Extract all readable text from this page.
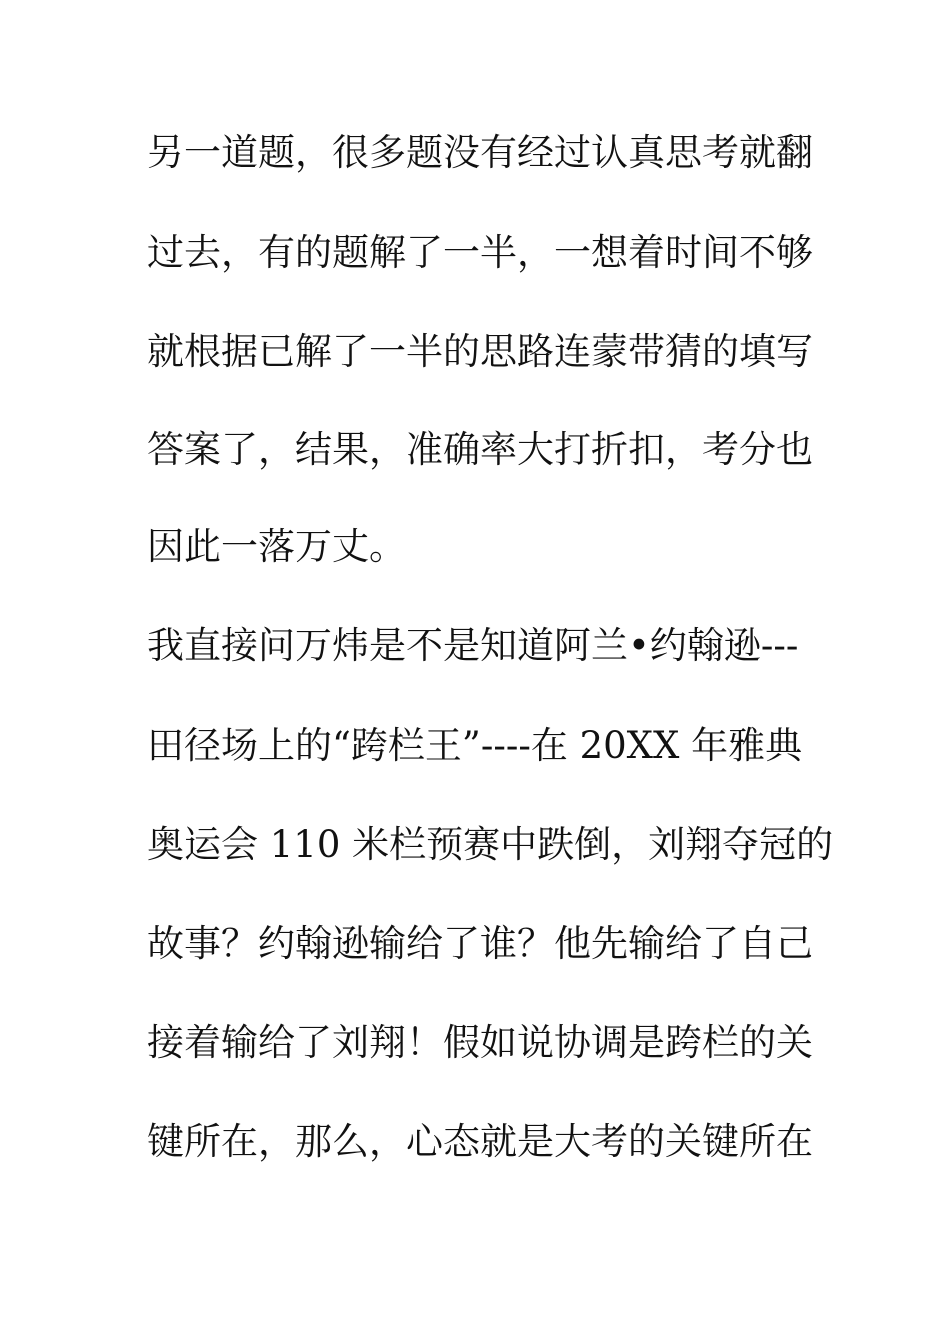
另一道题，很多题没有经过认真思考就翻
过去，有的题解了一半，一想着时间不够
就根据已解了一半的思路连蒙带猜的填写
答案了，结果，准确率大打折扣，考分也
因此一落万丈。
我直接问万炜是不是知道阿兰•约翰逊---
田径场上的“跨栏王”----在 20XX 年雅典
奥运会 110 米栏预赛中跌倒，刘翔夺冠的
故事？约翰逊输给了谁？他先输给了自己
接着输给了刘翔！假如说协调是跨栏的关
键所在，那么，心态就是大考的关键所在
